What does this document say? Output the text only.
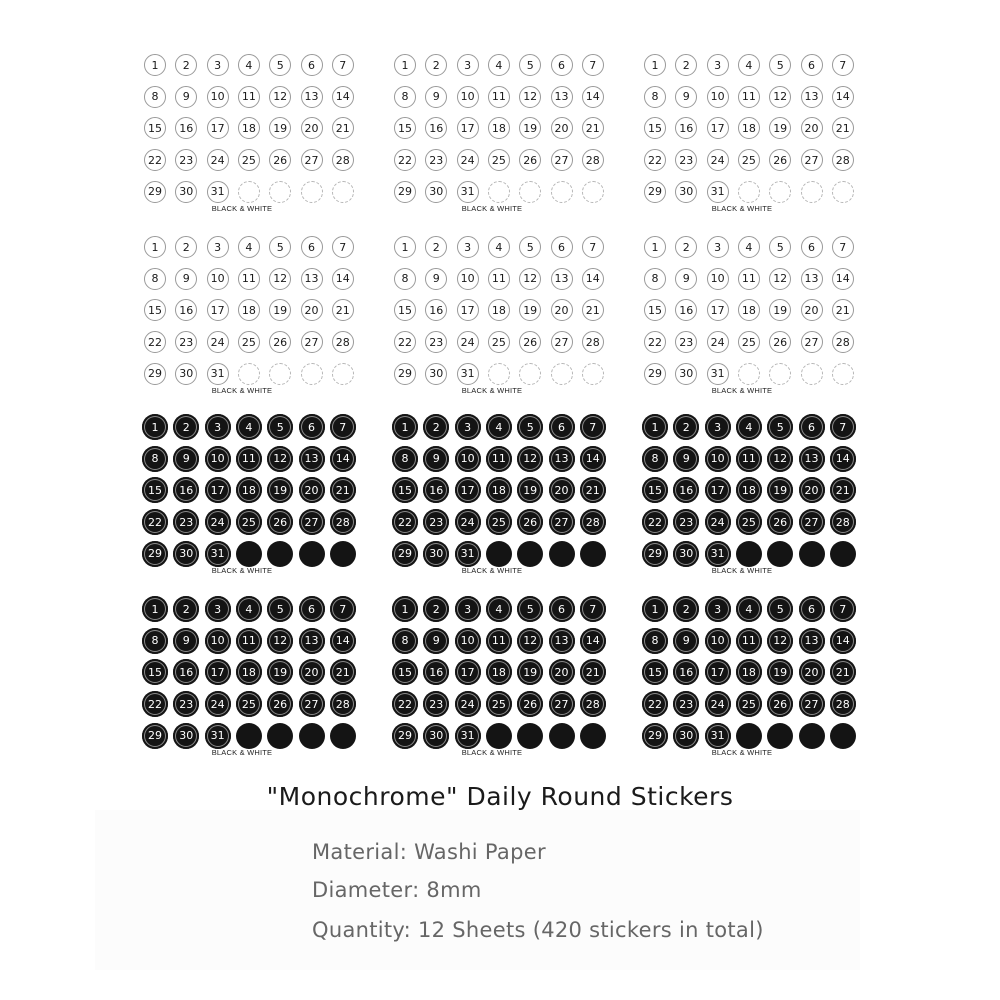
1	2	3	4	5	6	7
8	9	10	11	12	13	14
15	16	17	18	19	20	21
22	23	24	25	26	27	28
29	30	31
BLACK & WHITE
1	2	3	4	5	6	7
8	9	10	11	12	13	14
15	16	17	18	19	20	21
22	23	24	25	26	27	28
29	30	31
BLACK & WHITE
1	2	3	4	5	6	7
8	9	10	11	12	13	14
15	16	17	18	19	20	21
22	23	24	25	26	27	28
29	30	31
BLACK & WHITE
1	2	3	4	5	6	7
8	9	10	11	12	13	14
15	16	17	18	19	20	21
22	23	24	25	26	27	28
29	30	31
BLACK & WHITE
1	2	3	4	5	6	7
8	9	10	11	12	13	14
15	16	17	18	19	20	21
22	23	24	25	26	27	28
29	30	31
BLACK & WHITE
1	2	3	4	5	6	7
8	9	10	11	12	13	14
15	16	17	18	19	20	21
22	23	24	25	26	27	28
29	30	31
BLACK & WHITE
1	2	3	4	5	6	7
8	9	10	11	12	13	14
15	16	17	18	19	20	21
22	23	24	25	26	27	28
29	30	31
BLACK & WHITE
1	2	3	4	5	6	7
8	9	10	11	12	13	14
15	16	17	18	19	20	21
22	23	24	25	26	27	28
29	30	31
BLACK & WHITE
1	2	3	4	5	6	7
8	9	10	11	12	13	14
15	16	17	18	19	20	21
22	23	24	25	26	27	28
29	30	31
BLACK & WHITE
1	2	3	4	5	6	7
8	9	10	11	12	13	14
15	16	17	18	19	20	21
22	23	24	25	26	27	28
29	30	31
BLACK & WHITE
1	2	3	4	5	6	7
8	9	10	11	12	13	14
15	16	17	18	19	20	21
22	23	24	25	26	27	28
29	30	31
BLACK & WHITE
1	2	3	4	5	6	7
8	9	10	11	12	13	14
15	16	17	18	19	20	21
22	23	24	25	26	27	28
29	30	31
BLACK & WHITE
"Monochrome" Daily Round Stickers
Material: Washi Paper
Diameter: 8mm
Quantity: 12 Sheets (420 stickers in total)
